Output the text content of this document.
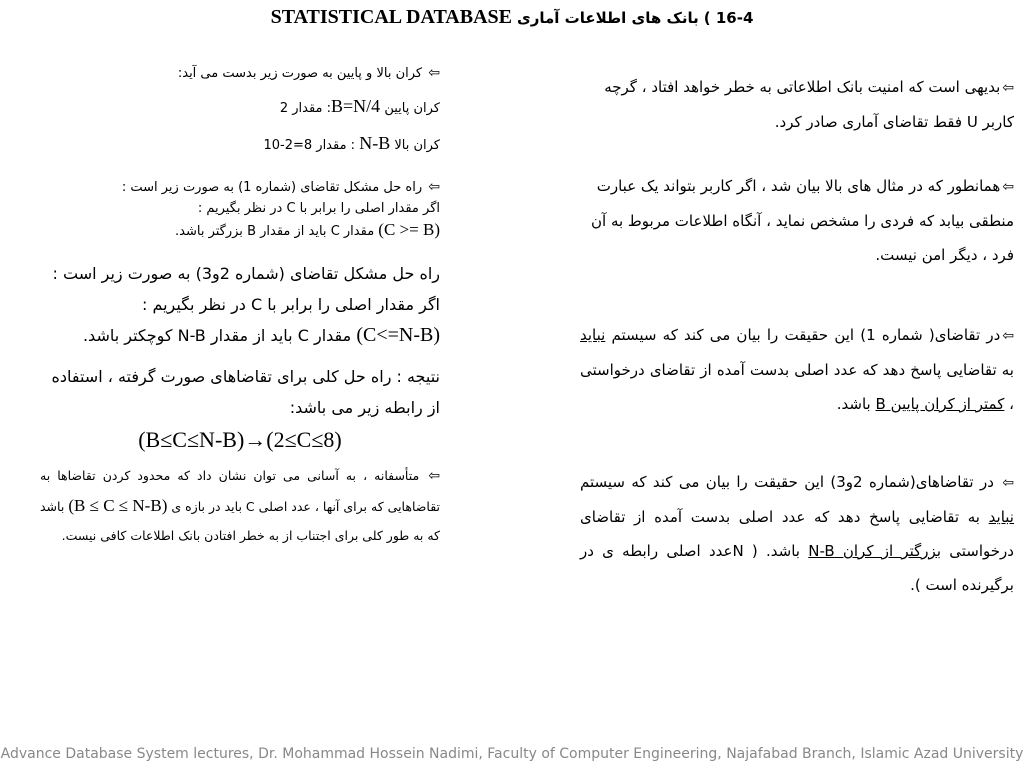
16-4 ) بانک های اطلاعات آماری STATISTICAL DATABASE

⇦بدیهی است که امنیت بانک اطلاعاتی به خطر خواهد افتاد ، گرچه کاربر U فقط تقاضای آماری صادر کرد.

⇦همانطور که در مثال های بالا بیان شد ، اگر کاربر بتواند یک عبارت منطقی بیابد که فردی را مشخص نماید ، آنگاه اطلاعات مربوط به آن فرد ، دیگر امن نیست.

⇦در تقاضای( شماره 1) این حقیقت را بیان می کند که سیستم نباید به تقاضایی پاسخ دهد که عدد اصلی بدست آمده از تقاضای درخواستی ، کمتر از کران پایین B باشد.

⇦ در تقاضاهای(شماره 2و3) این حقیقت را بیان می کند که سیستم نباید به تقاضایی پاسخ دهد که عدد اصلی بدست آمده از تقاضای درخواستی بزرگتر از کران N-B باشد. ( Nعدد اصلی رابطه ی در برگیرنده است ).

⇦ کران بالا و پایین به صورت زیر بدست می آید:

کران پایین B=N/4: مقدار 2

کران بالا N-B : مقدار 8=2-10

⇦ راه حل مشکل تقاضای (شماره 1) به صورت زیر است :

اگر مقدار اصلی را برابر با C در نظر بگیریم :

(C >= B) مقدار C باید از مقدار B بزرگتر باشد.

راه حل مشکل تقاضای (شماره 2و3) به صورت زیر است :

اگر مقدار اصلی را برابر با C در نظر بگیریم :

(C<=N-B) مقدار C باید از مقدار N-B کوچکتر باشد.

نتیجه : راه حل کلی برای تقاضاهای صورت گرفته ، استفاده از رابطه زیر می باشد:

(B≤C≤N-B)→(2≤C≤8)

⇦ متأسفانه ، به آسانی می توان نشان داد که محدود کردن تقاضاها به تقاضاهایی که برای آنها ، عدد اصلی C باید در بازه ی (B ≤ C ≤ N-B) باشد که به طور کلی برای اجتناب از به خطر افتادن بانک اطلاعات کافی نیست.

Advance Database System lectures, Dr. Mohammad Hossein Nadimi, Faculty of Computer Engineering, Najafabad Branch, Islamic Azad University
